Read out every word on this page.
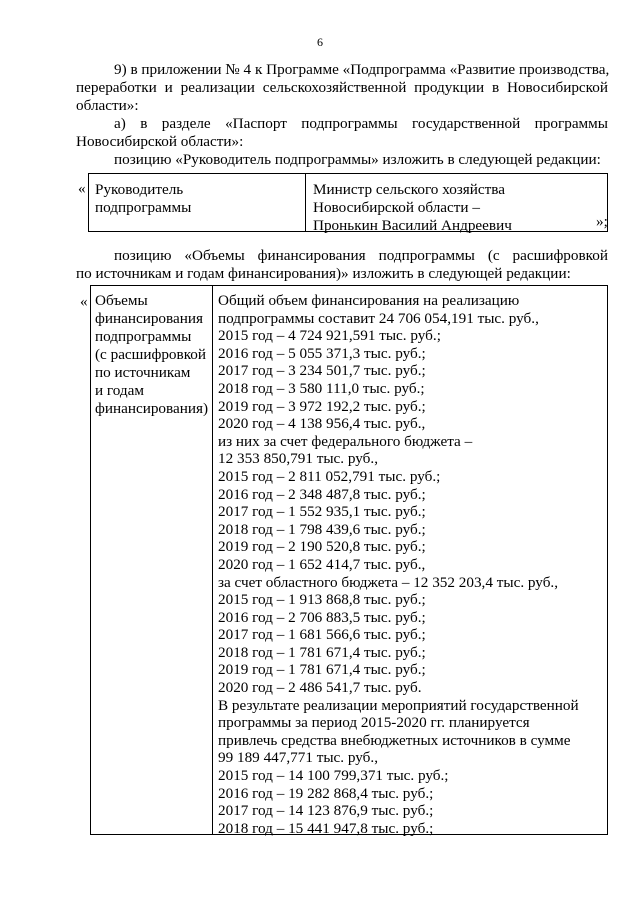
6
9) в приложении № 4 к Программе «Подпрограмма «Развитие производства,
переработки и реализации сельскохозяйственной продукции в Новосибирской
области»:
а) в разделе «Паспорт подпрограммы государственной программы
Новосибирской области»:
позицию «Руководитель подпрограммы» изложить в следующей редакции:
« Руководитель
подпрограммы
Министр сельского хозяйства
Новосибирской области –
Пронькин Василий Андреевич	»;
позицию «Объемы финансирования подпрограммы (с расшифровкой
по источникам и годам финансирования)» изложить в следующей редакции:
« Объемы
финансирования
подпрограммы
(с расшифровкой
по источникам
и годам
финансирования)
Общий объем финансирования на реализацию
подпрограммы составит 24 706 054,191 тыс. руб.,
2015 год – 4 724 921,591 тыс. руб.;
2016 год – 5 055 371,3 тыс. руб.;
2017 год – 3 234 501,7 тыс. руб.;
2018 год – 3 580 111,0 тыс. руб.;
2019 год – 3 972 192,2 тыс. руб.;
2020 год – 4 138 956,4 тыс. руб.,
из них за счет федерального бюджета –
12 353 850,791 тыс. руб.,
2015 год – 2 811 052,791 тыс. руб.;
2016 год – 2 348 487,8 тыс. руб.;
2017 год – 1 552 935,1 тыс. руб.;
2018 год – 1 798 439,6 тыс. руб.;
2019 год – 2 190 520,8 тыс. руб.;
2020 год – 1 652 414,7 тыс. руб.,
за счет областного бюджета – 12 352 203,4 тыс. руб.,
2015 год – 1 913 868,8 тыс. руб.;
2016 год – 2 706 883,5 тыс. руб.;
2017 год – 1 681 566,6 тыс. руб.;
2018 год – 1 781 671,4 тыс. руб.;
2019 год – 1 781 671,4 тыс. руб.;
2020 год – 2 486 541,7 тыс. руб.
В результате реализации мероприятий государственной
программы за период 2015-2020 гг. планируется
привлечь средства внебюджетных источников в сумме
99 189 447,771 тыс. руб.,
2015 год – 14 100 799,371 тыс. руб.;
2016 год – 19 282 868,4 тыс. руб.;
2017 год – 14 123 876,9 тыс. руб.;
2018 год – 15 441 947,8 тыс. руб.;
